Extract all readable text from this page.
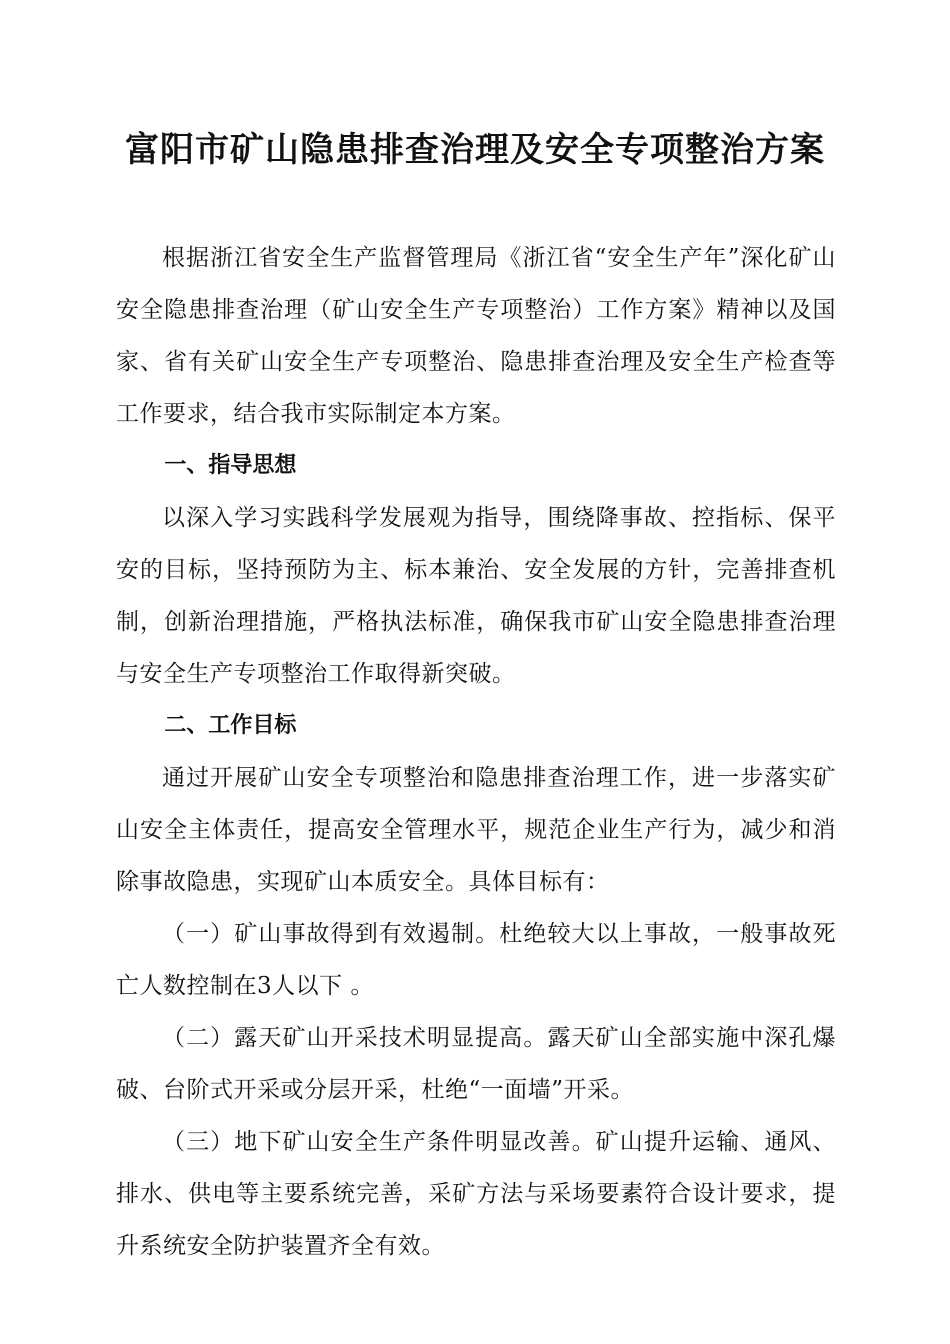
富阳市矿山隐患排查治理及安全专项整治方案

根据浙江省安全生产监督管理局《浙江省“安全生产年”深化矿山安全隐患排查治理（矿山安全生产专项整治）工作方案》精神以及国家、省有关矿山安全生产专项整治、隐患排查治理及安全生产检查等工作要求，结合我市实际制定本方案。

一、指导思想

以深入学习实践科学发展观为指导，围绕降事故、控指标、保平安的目标，坚持预防为主、标本兼治、安全发展的方针，完善排查机制，创新治理措施，严格执法标准，确保我市矿山安全隐患排查治理与安全生产专项整治工作取得新突破。

二、工作目标

通过开展矿山安全专项整治和隐患排查治理工作，进一步落实矿山安全主体责任，提高安全管理水平，规范企业生产行为，减少和消除事故隐患，实现矿山本质安全。具体目标有：

（一）矿山事故得到有效遏制。杜绝较大以上事故，一般事故死亡人数控制在3人以下 。

（二）露天矿山开采技术明显提高。露天矿山全部实施中深孔爆破、台阶式开采或分层开采，杜绝“一面墙”开采。

（三）地下矿山安全生产条件明显改善。矿山提升运输、通风、排水、供电等主要系统完善，采矿方法与采场要素符合设计要求，提升系统安全防护装置齐全有效。
